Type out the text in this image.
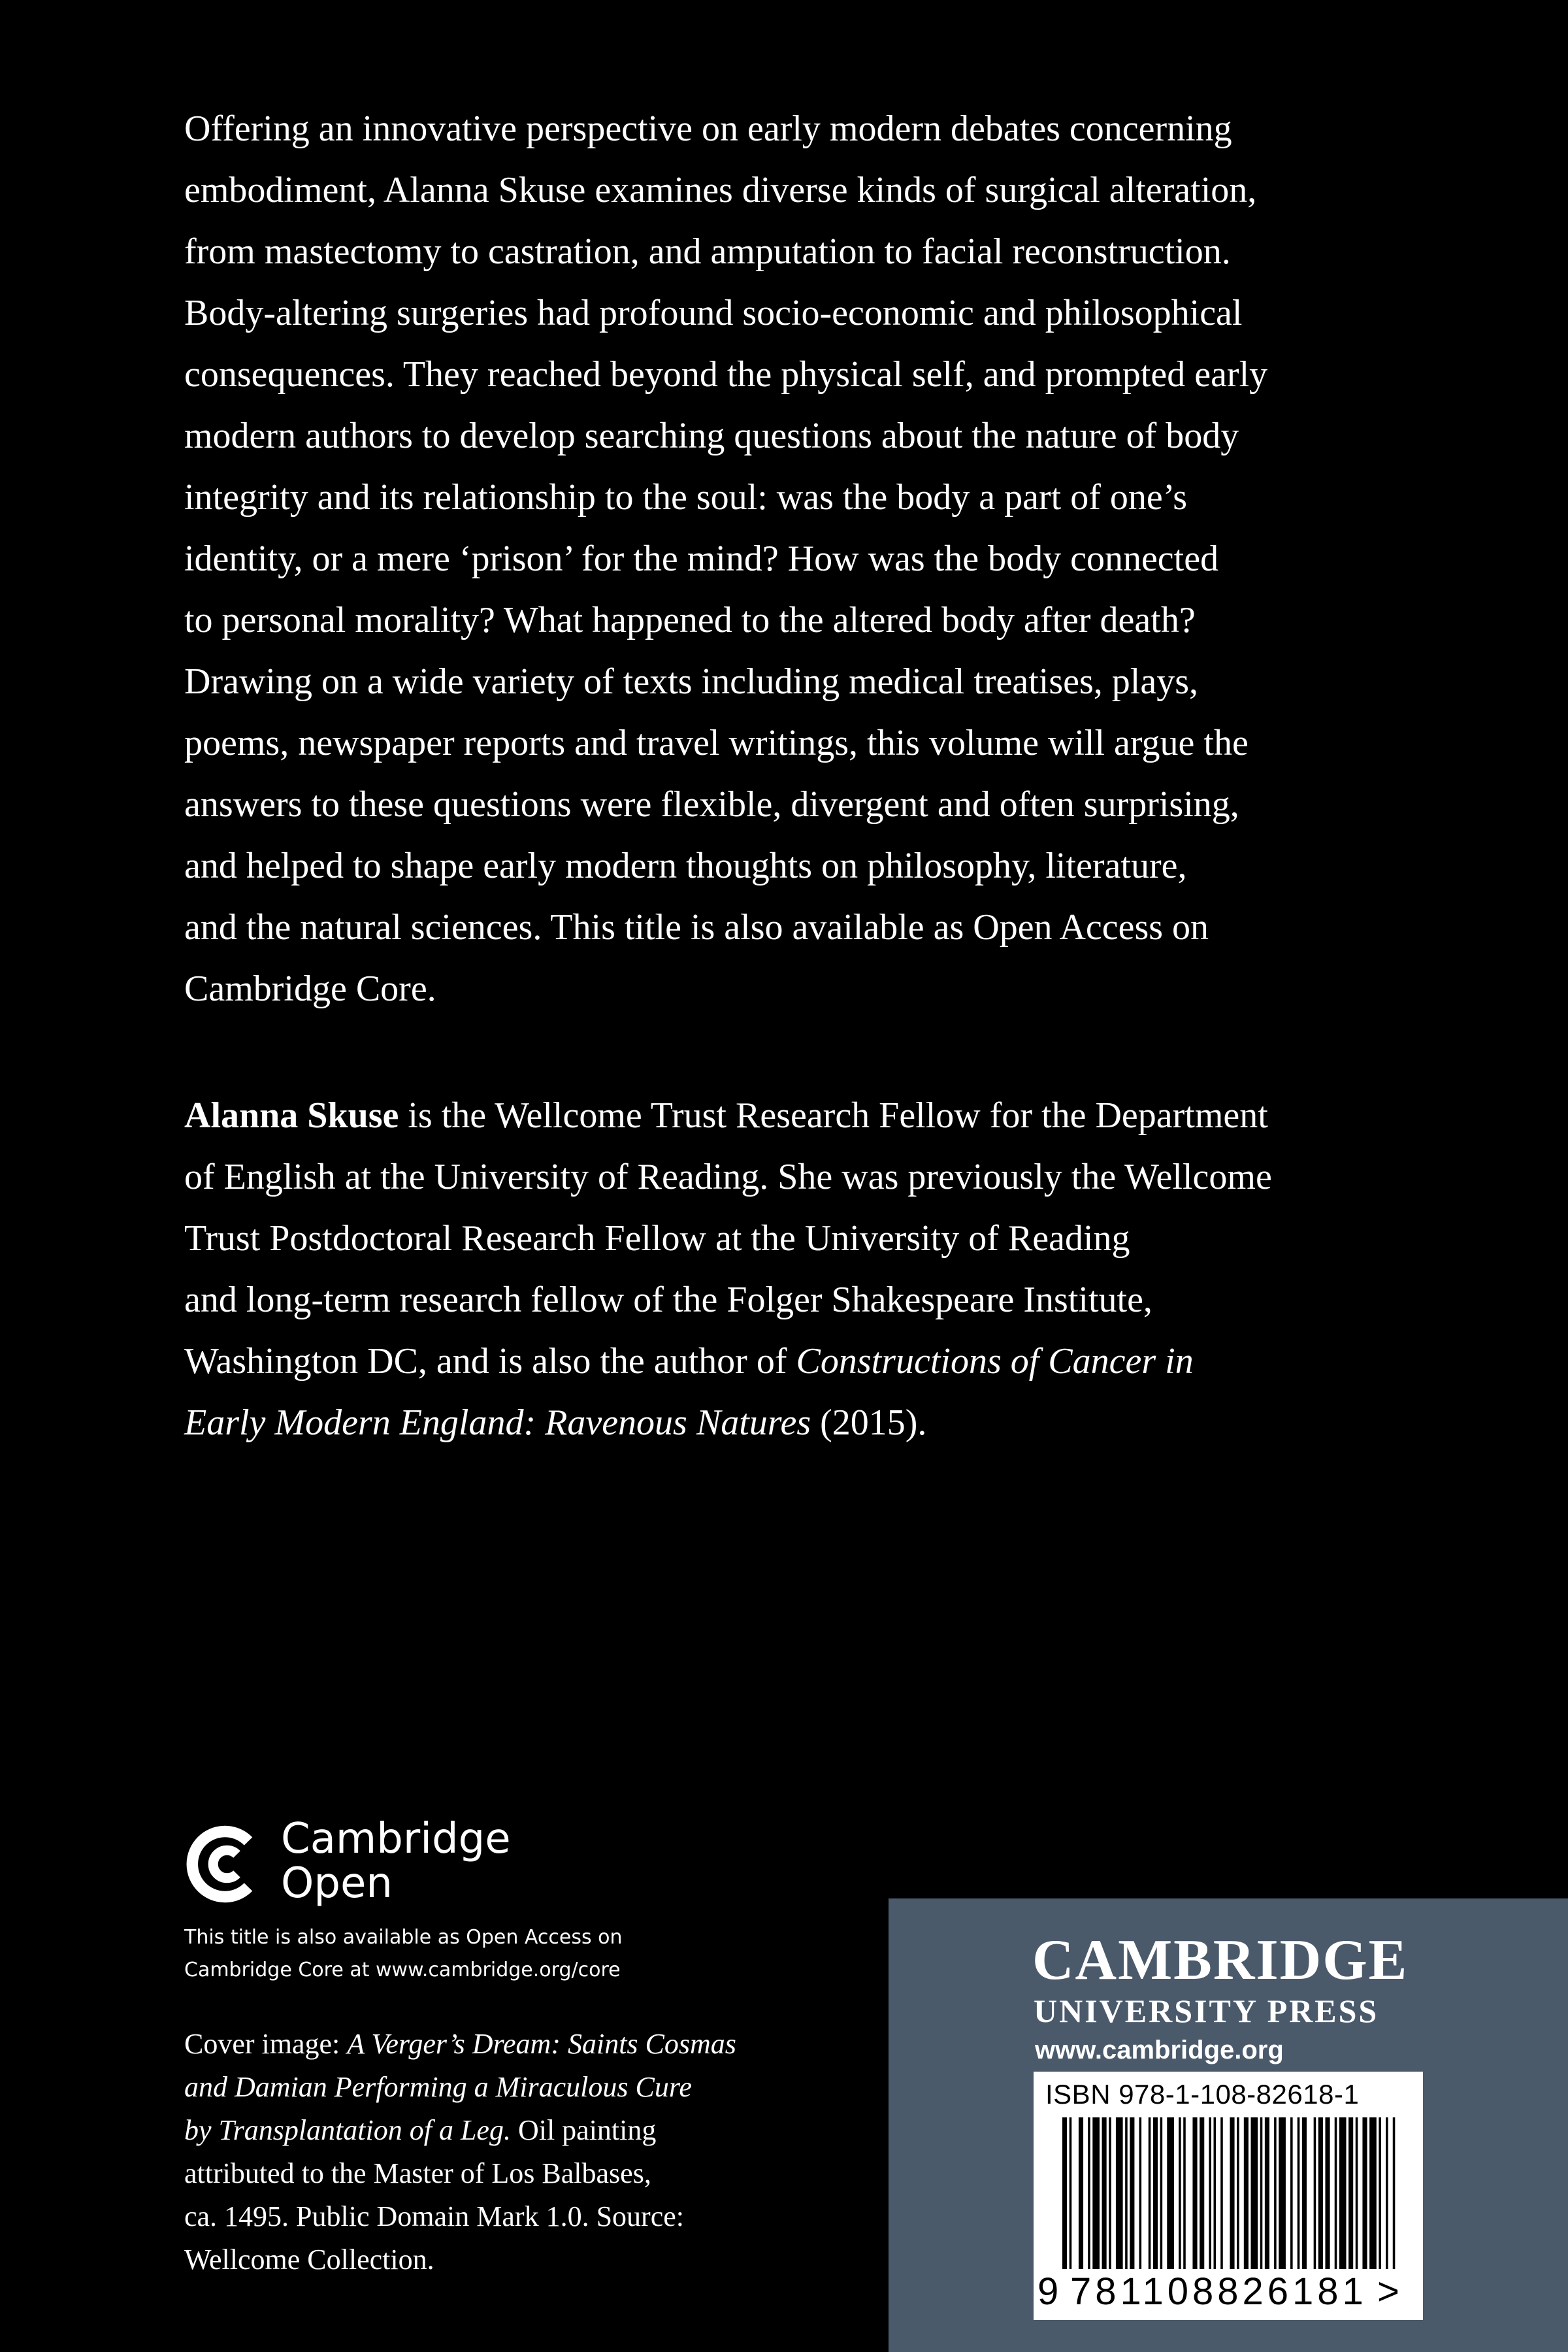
Offering an innovative perspective on early modern debates concerning
embodiment, Alanna Skuse examines diverse kinds of surgical alteration,
from mastectomy to castration, and amputation to facial reconstruction.
Body-altering surgeries had profound socio-economic and philosophical
consequences. They reached beyond the physical self, and prompted early
modern authors to develop searching questions about the nature of body
integrity and its relationship to the soul: was the body a part of one’s
identity, or a mere ‘prison’ for the mind? How was the body connected
to personal morality? What happened to the altered body after death?
Drawing on a wide variety of texts including medical treatises, plays,
poems, newspaper reports and travel writings, this volume will argue the
answers to these questions were flexible, divergent and often surprising,
and helped to shape early modern thoughts on philosophy, literature,
and the natural sciences. This title is also available as Open Access on
Cambridge Core.
Alanna Skuse is the Wellcome Trust Research Fellow for the Department
of English at the University of Reading. She was previously the Wellcome
Trust Postdoctoral Research Fellow at the University of Reading
and long-term research fellow of the Folger Shakespeare Institute,
Washington DC, and is also the author of Constructions of Cancer in
Early Modern England: Ravenous Natures (2015).
Cambridge
Open
This title is also available as Open Access on
Cambridge Core at www.cambridge.org/core
Cover image: A Verger’s Dream: Saints Cosmas
and Damian Performing a Miraculous Cure
by Transplantation of a Leg. Oil painting
attributed to the Master of Los Balbases,
ca. 1495. Public Domain Mark 1.0. Source:
Wellcome Collection.
CAMBRIDGE
UNIVERSITY PRESS
www.cambridge.org
ISBN 978-1-108-82618-1
9 781108826181 >
